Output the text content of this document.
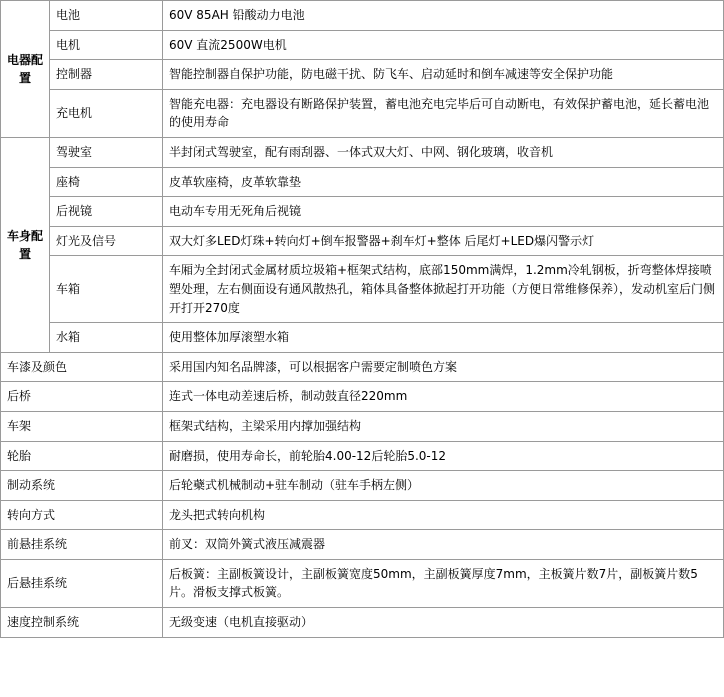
电器配置	电池	60V 85AH 铅酸动力电池
	电机	60V 直流2500W电机
	控制器	智能控制器自保护功能，防电磁干扰、防飞车、启动延时和倒车减速等安全保护功能
	充电机	智能充电器：充电器设有断路保护装置，蓄电池充电完毕后可自动断电，有效保护蓄电池，延长蓄电池的使用寿命
车身配置	驾驶室	半封闭式驾驶室，配有雨刮器、一体式双大灯、中网、钢化玻璃，收音机
	座椅	皮革软座椅，皮革软靠垫
	后视镜	电动车专用无死角后视镜
	灯光及信号	双大灯多LED灯珠+转向灯+倒车报警器+刹车灯+整体 后尾灯+LED爆闪警示灯
	车箱	车厢为全封闭式金属材质垃圾箱+框架式结构，底部150mm满焊，1.2mm冷轧钢板，折弯整体焊接喷塑处理，左右侧面设有通风散热孔，箱体具备整体掀起打开功能（方便日常维修保养），发动机室后门侧开打开270度
	水箱	使用整体加厚滚塑水箱
车漆及颜色		采用国内知名品牌漆，可以根据客户需要定制喷色方案
后桥		连式一体电动差速后桥，制动鼓直径220mm
车架		框架式结构，主梁采用内撑加强结构
轮胎		耐磨损，使用寿命长，前轮胎4.00-12后轮胎5.0-12
制动系统		后轮蘗式机械制动+驻车制动（驻车手柄左侧）
转向方式		龙头把式转向机构
前悬挂系统		前叉：双筒外簧式液压减震器
后悬挂系统		后板簧：主副板簧设计，主副板簧宽度50mm，主副板簧厚度7mm，主板簧片数7片，副板簧片数5片。滑板支撑式板簧。
速度控制系统		无级变速（电机直接驱动）
